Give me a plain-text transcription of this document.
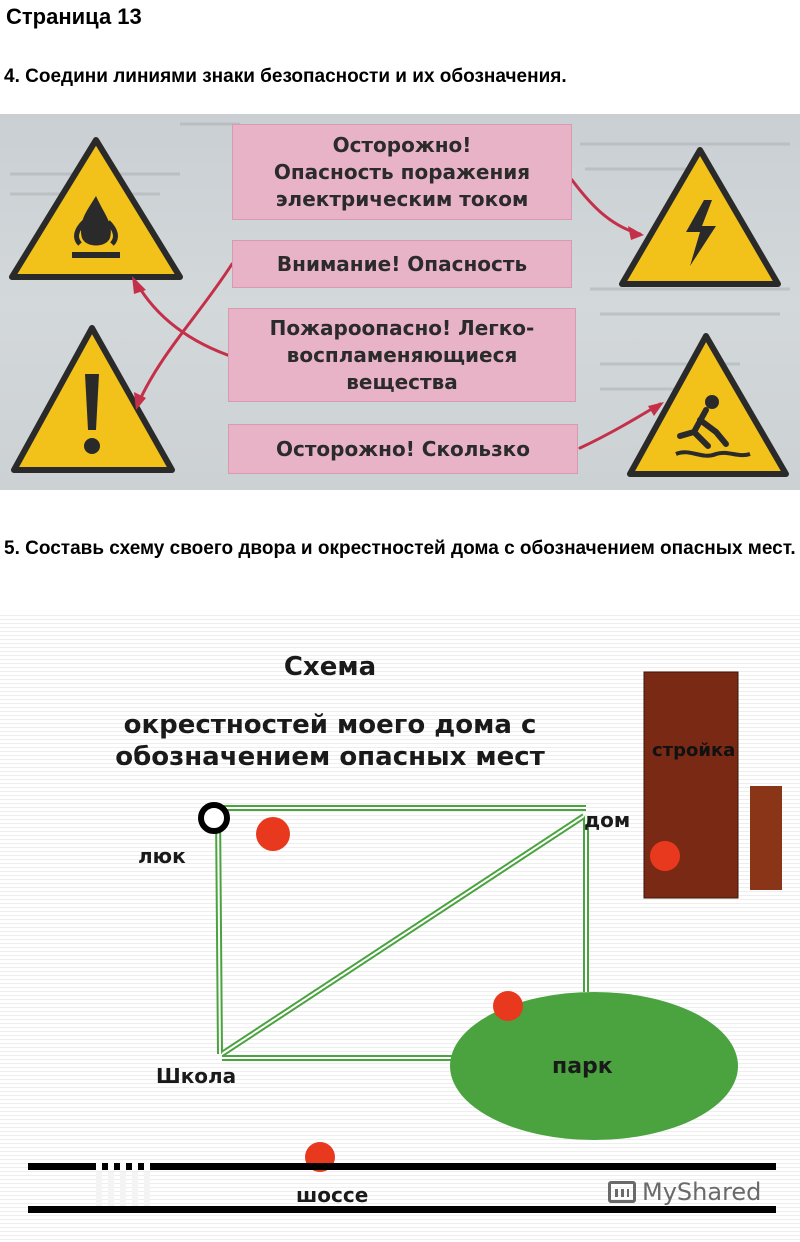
Страница 13
4. Соедини линиями знаки безопасности и их обозначения.
Осторожно!
Опасность поражения
электрическим током
Внимание! Опасность
Пожароопасно! Легко-
воспламеняющиеся
вещества
Осторожно! Скользко
5. Составь схему своего двора и окрестностей дома с обозначением опасных мест.
Схема
окрестностей моего дома с
обозначением опасных мест	стройка
дом
люк
Школа	парк
шоссе	MyShared
